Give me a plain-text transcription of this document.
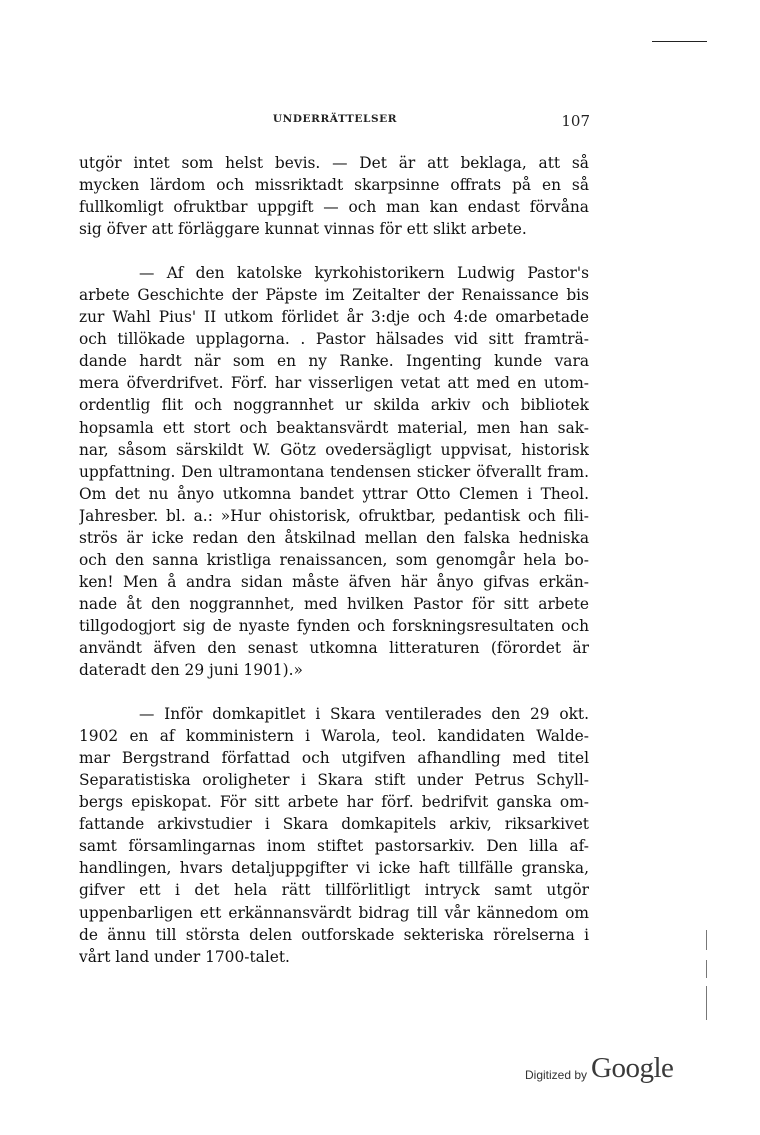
UNDERRÄTTELSER	107
utgör intet som helst bevis. — Det är att beklaga, att så
mycken lärdom och missriktadt skarpsinne offrats på en så
fullkomligt ofruktbar uppgift — och man kan endast förvåna
sig öfver att förläggare kunnat vinnas för ett slikt arbete.
— Af den katolske kyrkohistorikern Ludwig Pastor's
arbete Geschichte der Päpste im Zeitalter der Renaissance bis
zur Wahl Pius' II utkom förlidet år 3:dje och 4:de omarbetade
och tillökade upplagorna. . Pastor hälsades vid sitt framträ-
dande hardt när som en ny Ranke. Ingenting kunde vara
mera öfverdrifvet. Förf. har visserligen vetat att med en utom-
ordentlig flit och noggrannhet ur skilda arkiv och bibliotek
hopsamla ett stort och beaktansvärdt material, men han sak-
nar, såsom särskildt W. Götz ovedersägligt uppvisat, historisk
uppfattning. Den ultramontana tendensen sticker öfverallt fram.
Om det nu ånyo utkomna bandet yttrar Otto Clemen i Theol.
Jahresber. bl. a.: »Hur ohistorisk, ofruktbar, pedantisk och fili-
strös är icke redan den åtskilnad mellan den falska hedniska
och den sanna kristliga renaissancen, som genomgår hela bo-
ken! Men å andra sidan måste äfven här ånyo gifvas erkän-
nade åt den noggrannhet, med hvilken Pastor för sitt arbete
tillgodogjort sig de nyaste fynden och forskningsresultaten och
användt äfven den senast utkomna litteraturen (förordet är
dateradt den 29 juni 1901).»
— Inför domkapitlet i Skara ventilerades den 29 okt.
1902 en af komministern i Warola, teol. kandidaten Walde-
mar Bergstrand författad och utgifven afhandling med titel
Separatistiska oroligheter i Skara stift under Petrus Schyll-
bergs episkopat. För sitt arbete har förf. bedrifvit ganska om-
fattande arkivstudier i Skara domkapitels arkiv, riksarkivet
samt församlingarnas inom stiftet pastorsarkiv. Den lilla af-
handlingen, hvars detaljuppgifter vi icke haft tillfälle granska,
gifver ett i det hela rätt tillförlitligt intryck samt utgör
uppenbarligen ett erkännansvärdt bidrag till vår kännedom om
de ännu till största delen outforskade sekteriska rörelserna i
vårt land under 1700-talet.
Digitized by Google
